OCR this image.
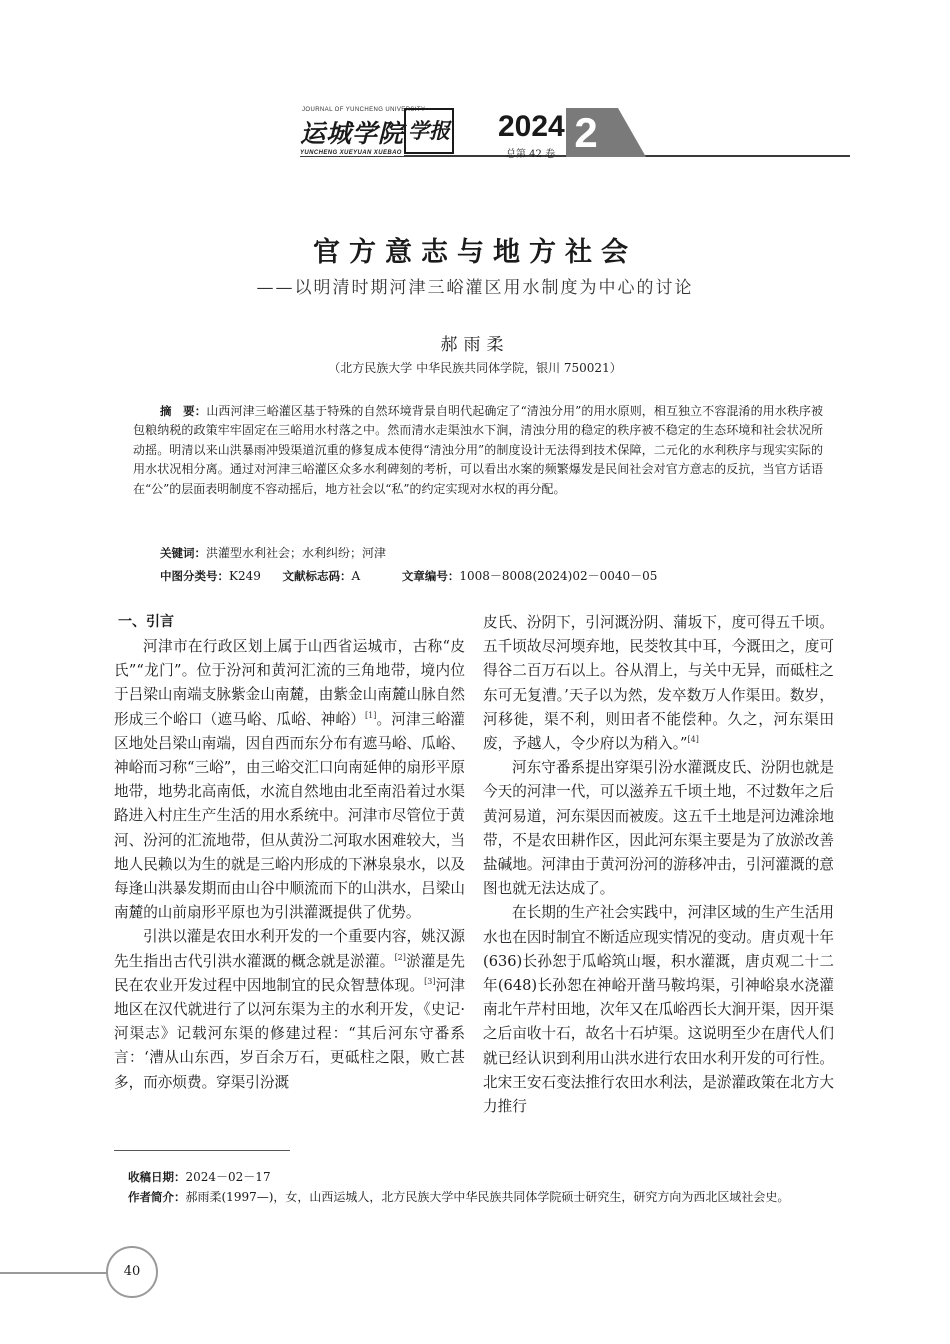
JOURNAL OF YUNCHENG UNIVERSITY
运城学院 学报
YUNCHENG XUEYUAN XUEBAO
2024
总第 42 卷 2
官方意志与地方社会
——以明清时期河津三峪灌区用水制度为中心的讨论
郝雨柔
（北方民族大学 中华民族共同体学院，银川 750021）
摘　要：山西河津三峪灌区基于特殊的自然环境背景自明代起确定了“清浊分用”的用水原则，相互独立不容混淆的用水秩序被包粮纳税的政策牢牢固定在三峪用水村落之中。然而清水走渠浊水下涧，清浊分用的稳定的秩序被不稳定的生态环境和社会状况所动摇。明清以来山洪暴雨冲毁渠道沉重的修复成本使得“清浊分用”的制度设计无法得到技术保障，二元化的水利秩序与现实实际的用水状况相分离。通过对河津三峪灌区众多水利碑刻的考析，可以看出水案的频繁爆发是民间社会对官方意志的反抗，当官方话语在“公”的层面表明制度不容动摇后，地方社会以“私”的约定实现对水权的再分配。
关键词：洪灌型水利社会；水利纠纷；河津
中图分类号：K249 文献标志码：A	文章编号：1008－8008(2024)02－0040－05
一、引言

河津市在行政区划上属于山西省运城市，古称“皮氏”“龙门”。位于汾河和黄河汇流的三角地带，境内位于吕梁山南端支脉紫金山南麓，由紫金山南麓山脉自然形成三个峪口（遮马峪、瓜峪、神峪）[1]。河津三峪灌区地处吕梁山南端，因自西而东分布有遮马峪、瓜峪、神峪而习称“三峪”，由三峪交汇口向南延伸的扇形平原地带，地势北高南低，水流自然地由北至南沿着过水渠路进入村庄生产生活的用水系统中。河津市尽管位于黄河、汾河的汇流地带，但从黄汾二河取水困难较大，当地人民赖以为生的就是三峪内形成的下淋泉泉水，以及每逢山洪暴发期而由山谷中顺流而下的山洪水，吕梁山南麓的山前扇形平原也为引洪灌溉提供了优势。

引洪以灌是农田水利开发的一个重要内容，姚汉源先生指出古代引洪水灌溉的概念就是淤灌。[2]淤灌是先民在农业开发过程中因地制宜的民众智慧体现。[3]河津地区在汉代就进行了以河东渠为主的水利开发，《史记·河渠志》记载河东渠的修建过程：“其后河东守番系言：‘漕从山东西，岁百余万石，更砥柱之限，败亡甚多，而亦烦费。穿渠引汾溉

皮氏、汾阴下，引河溉汾阴、蒲坂下，度可得五千顷。五千顷故尽河堧弃地，民茭牧其中耳，今溉田之，度可得谷二百万石以上。谷从渭上，与关中无异，而砥柱之东可无复漕。’天子以为然，发卒数万人作渠田。数岁，河移徙，渠不利，则田者不能偿种。久之，河东渠田废，予越人，令少府以为稍入。”[4]

河东守番系提出穿渠引汾水灌溉皮氏、汾阴也就是今天的河津一代，可以滋养五千顷土地，不过数年之后黄河易道，河东渠因而被废。这五千土地是河边滩涂地带，不是农田耕作区，因此河东渠主要是为了放淤改善盐碱地。河津由于黄河汾河的游移冲击，引河灌溉的意图也就无法达成了。

在长期的生产社会实践中，河津区域的生产生活用水也在因时制宜不断适应现实情况的变动。唐贞观十年(636)长孙恕于瓜峪筑山堰，积水灌溉，唐贞观二十二年(648)长孙恕在神峪开凿马鞍坞渠，引神峪泉水浇灌南北午芹村田地，次年又在瓜峪西长大涧开渠，因开渠之后亩收十石，故名十石垆渠。这说明至少在唐代人们就已经认识到利用山洪水进行农田水利开发的可行性。北宋王安石变法推行农田水利法，是淤灌政策在北方大力推行

收稿日期：2024－02－17
作者简介：郝雨柔(1997—)，女，山西运城人，北方民族大学中华民族共同体学院硕士研究生，研究方向为西北区域社会史。
40
